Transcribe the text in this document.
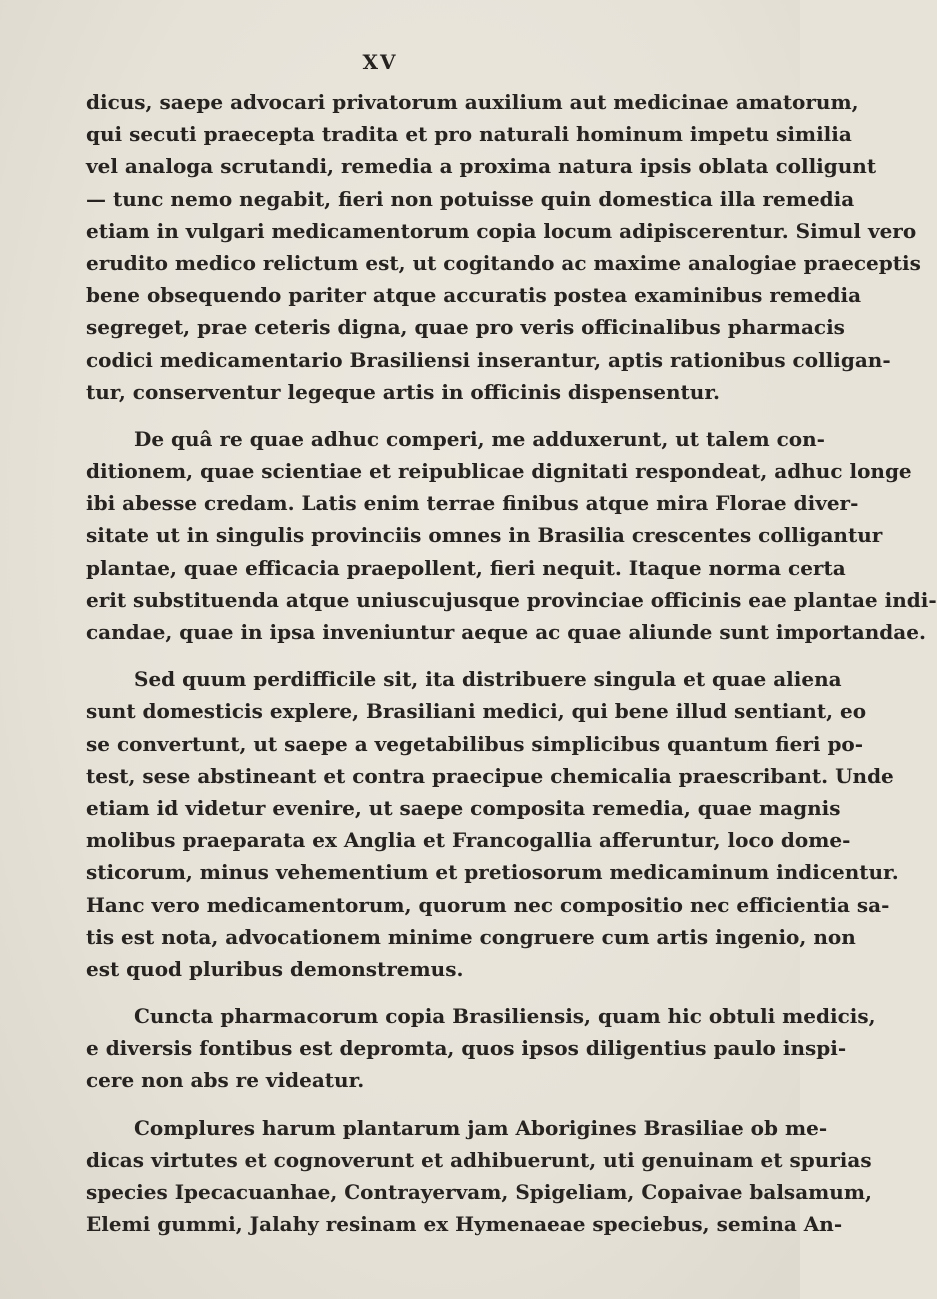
XV

dicus, saepe advocari privatorum auxilium aut medicinae amatorum,
qui secuti praecepta tradita et pro naturali hominum impetu similia
vel analoga scrutandi, remedia a proxima natura ipsis oblata colligunt
— tunc nemo negabit, fieri non potuisse quin domestica illa remedia
etiam in vulgari medicamentorum copia locum adipiscerentur. Simul vero
erudito medico relictum est, ut cogitando ac maxime analogiae praeceptis
bene obsequendo pariter atque accuratis postea examinibus remedia
segreget, prae ceteris digna, quae pro veris officinalibus pharmacis
codici medicamentario Brasiliensi inserantur, aptis rationibus colligan-
tur, conserventur legeque artis in officinis dispensentur.

De quâ re quae adhuc comperi, me adduxerunt, ut talem con-
ditionem, quae scientiae et reipublicae dignitati respondeat, adhuc longe
ibi abesse credam. Latis enim terrae finibus atque mira Florae diver-
sitate ut in singulis provinciis omnes in Brasilia crescentes colligantur
plantae, quae efficacia praepollent, fieri nequit. Itaque norma certa
erit substituenda atque uniuscujusque provinciae officinis eae plantae indi-
candae, quae in ipsa inveniuntur aeque ac quae aliunde sunt importandae.

Sed quum perdifficile sit, ita distribuere singula et quae aliena
sunt domesticis explere, Brasiliani medici, qui bene illud sentiant, eo
se convertunt, ut saepe a vegetabilibus simplicibus quantum fieri po-
test, sese abstineant et contra praecipue chemicalia praescribant. Unde
etiam id videtur evenire, ut saepe composita remedia, quae magnis
molibus praeparata ex Anglia et Francogallia afferuntur, loco dome-
sticorum, minus vehementium et pretiosorum medicaminum indicentur.
Hanc vero medicamentorum, quorum nec compositio nec efficientia sa-
tis est nota, advocationem minime congruere cum artis ingenio, non
est quod pluribus demonstremus.

Cuncta pharmacorum copia Brasiliensis, quam hic obtuli medicis,
e diversis fontibus est depromta, quos ipsos diligentius paulo inspi-
cere non abs re videatur.

Complures harum plantarum jam Aborigines Brasiliae ob me-
dicas virtutes et cognoverunt et adhibuerunt, uti genuinam et spurias
species Ipecacuanhae, Contrayervam, Spigeliam, Copaivae balsamum,
Elemi gummi, Jalahy resinam ex Hymenaeae speciebus, semina An-
